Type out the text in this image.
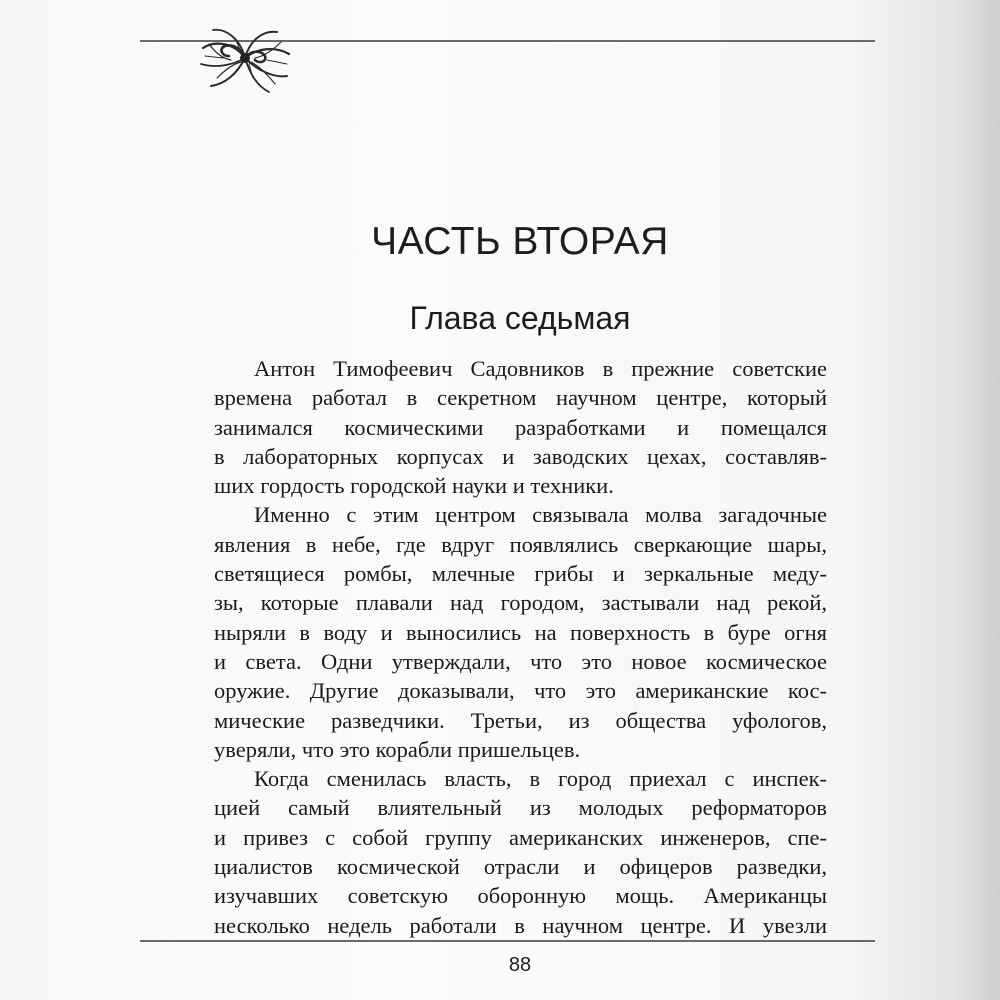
ЧАСТЬ ВТОРАЯ
Глава седьмая
Антон Тимофеевич Садовников в прежние советские
времена работал в секретном научном центре, который
занимался космическими разработками и помещался
в лабораторных корпусах и заводских цехах, составляв-
ших гордость городской науки и техники.
Именно с этим центром связывала молва загадочные
явления в небе, где вдруг появлялись сверкающие шары,
светящиеся ромбы, млечные грибы и зеркальные меду-
зы, которые плавали над городом, застывали над рекой,
ныряли в воду и выносились на поверхность в буре огня
и света. Одни утверждали, что это новое космическое
оружие. Другие доказывали, что это американские кос-
мические разведчики. Третьи, из общества уфологов,
уверяли, что это корабли пришельцев.
Когда сменилась власть, в город приехал с инспек-
цией самый влиятельный из молодых реформаторов
и привез с собой группу американских инженеров, спе-
циалистов космической отрасли и офицеров разведки,
изучавших советскую оборонную мощь. Американцы
несколько недель работали в научном центре. И увезли
88
